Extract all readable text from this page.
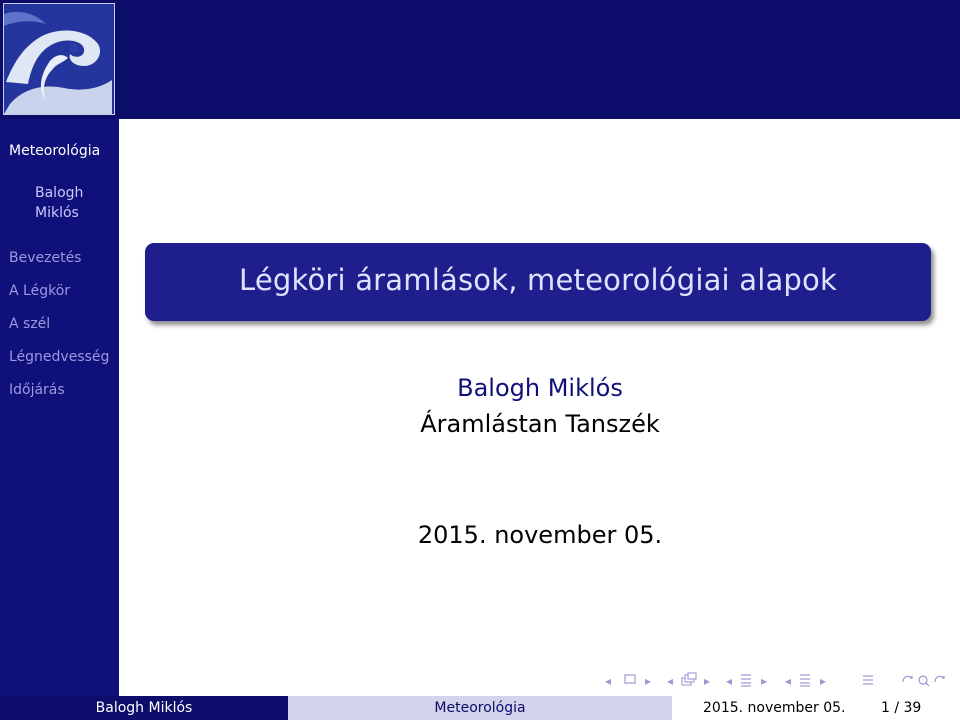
Meteorológia
Balogh Miklós
Bevezetés
A Légkör
A szél
Légnedvesség
Időjárás
Légköri áramlások, meteorológiai alapok
Balogh Miklós
Áramlástan Tanszék
2015. november 05.
◂	▸ ◂	▸ ◂ ▸ ◂ ▸
Balogh Miklós	Meteorológia	2015. november 05.	1 / 39
